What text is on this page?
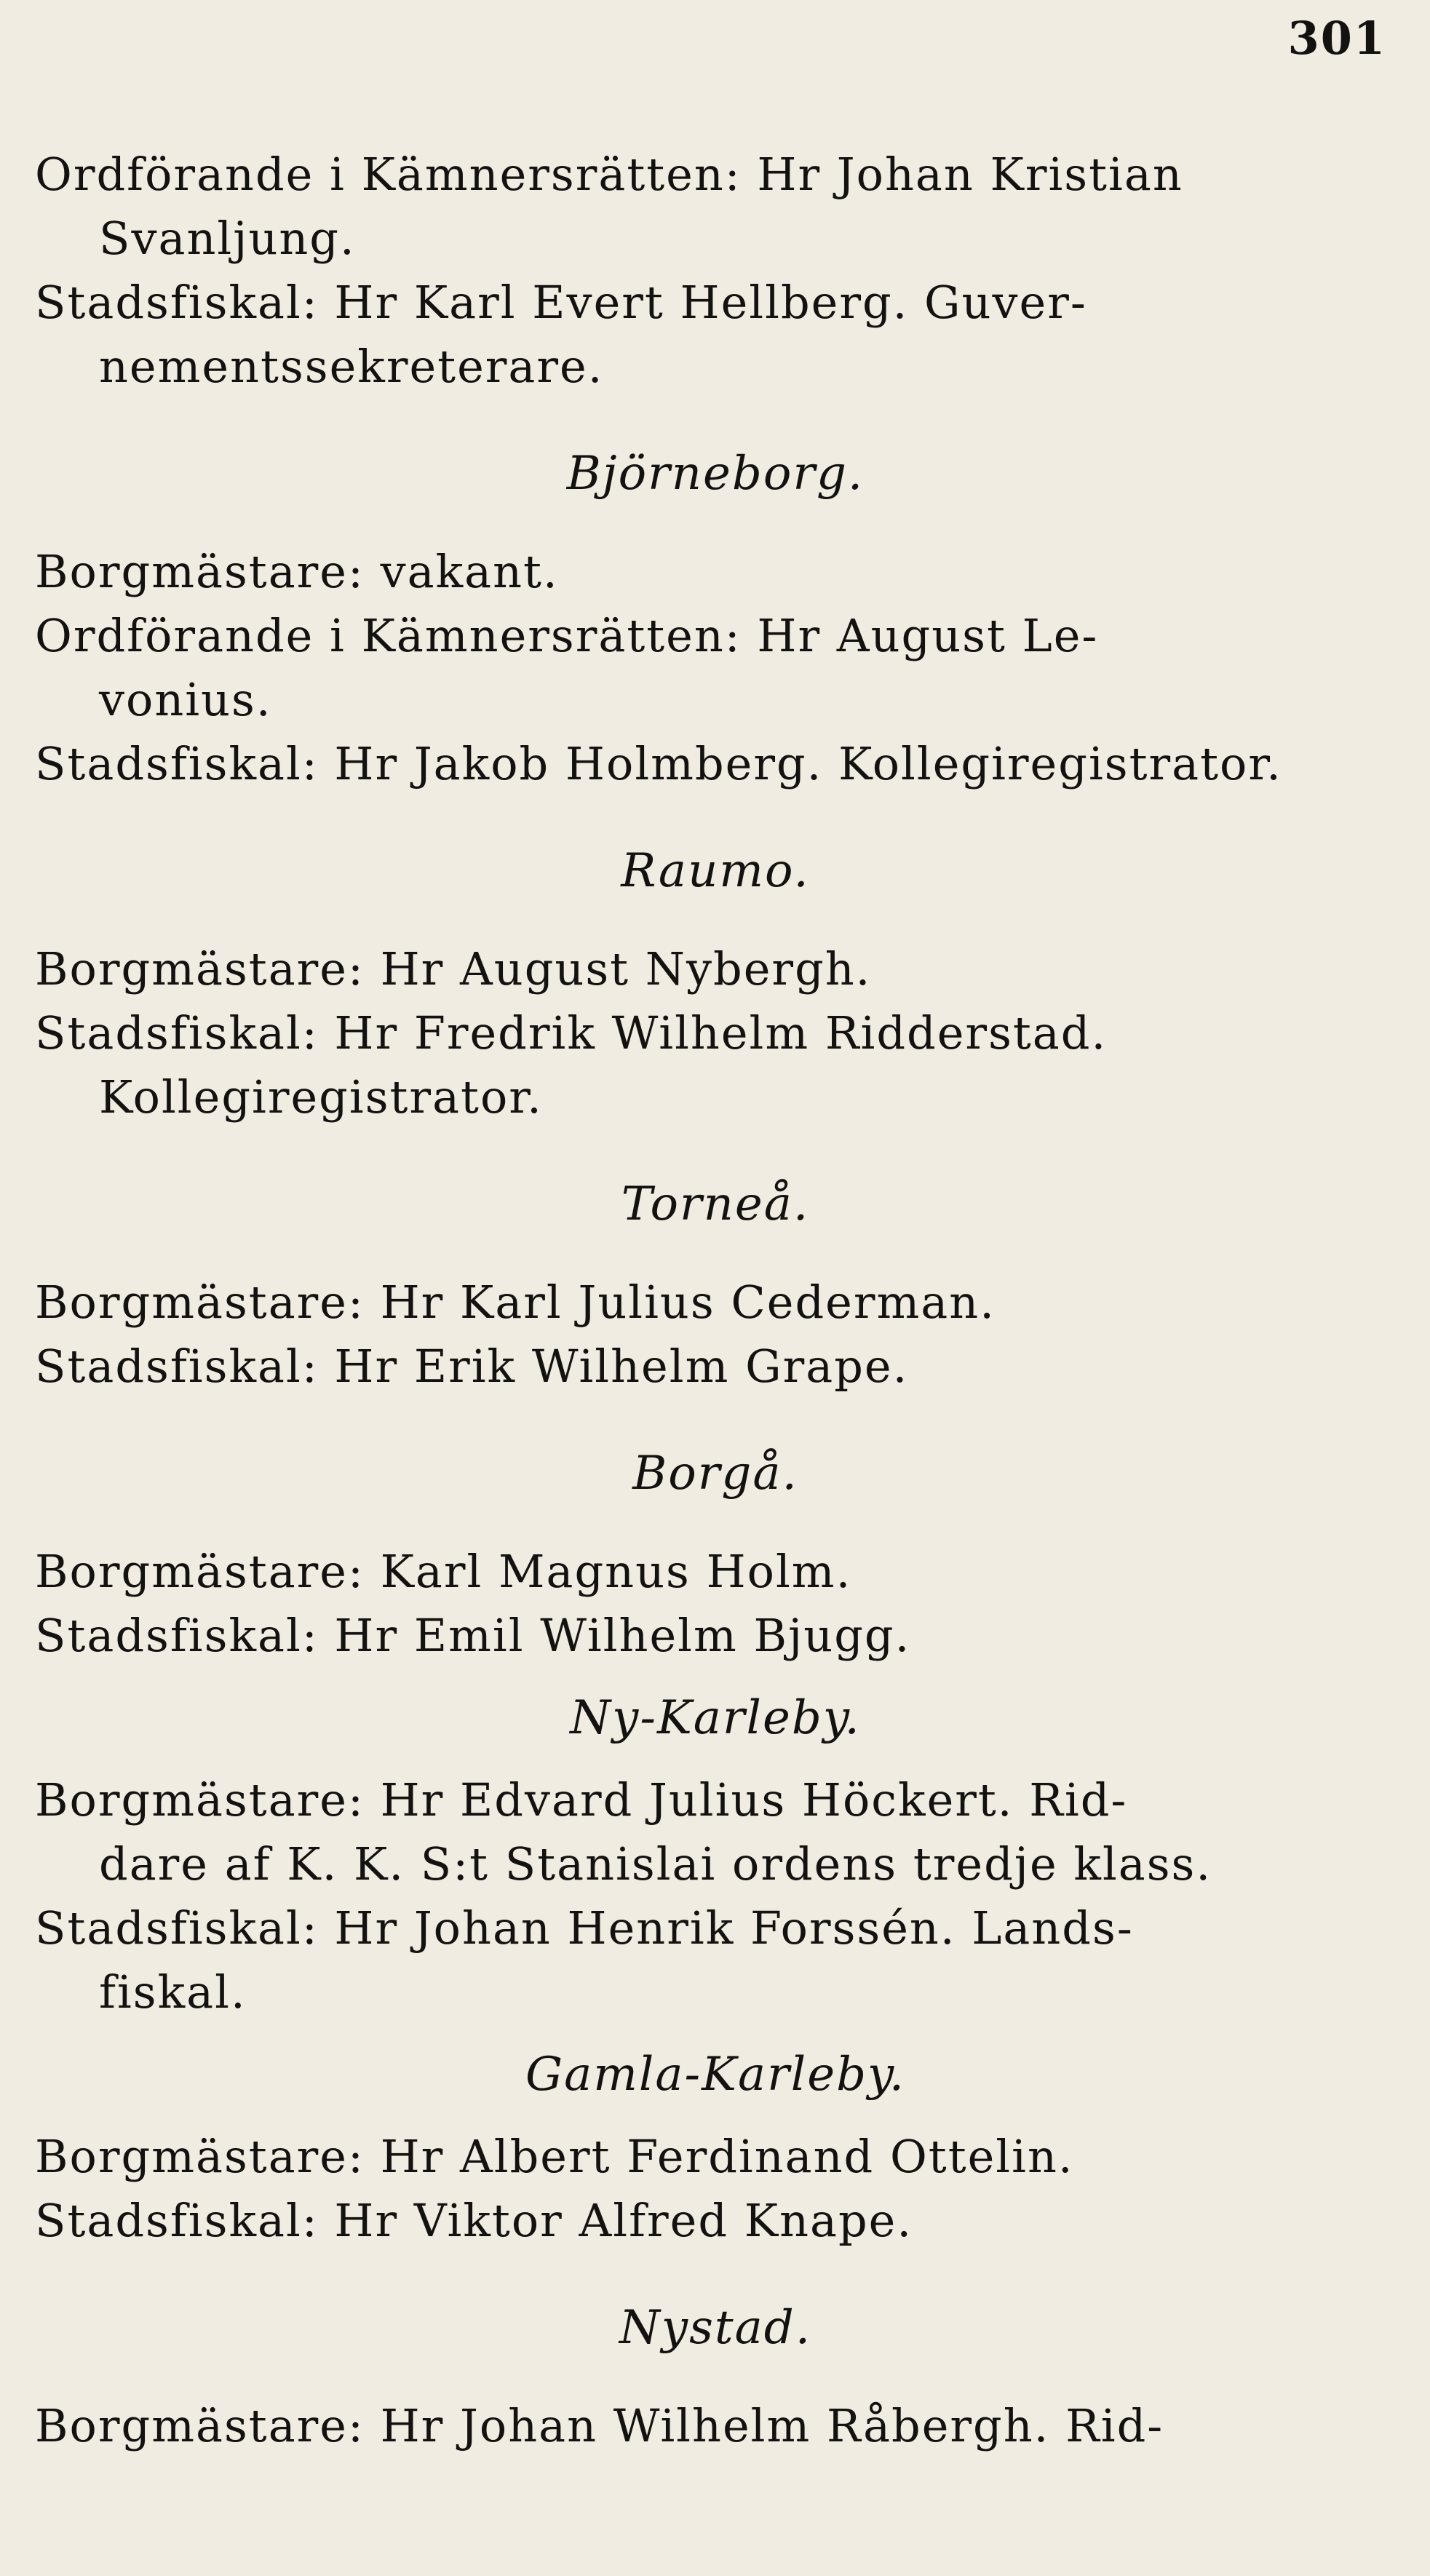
301

Ordförande i Kämnersrätten: Hr Johan Kristian
Svanljung.

Stadsfiskal: Hr Karl Evert Hellberg. Guver-
nementssekreterare.

Björneborg.

Borgmästare: vakant.

Ordförande i Kämnersrätten: Hr August Le-
vonius.

Stadsfiskal: Hr Jakob Holmberg. Kollegiregistrator.

Raumo.

Borgmästare: Hr August Nybergh.

Stadsfiskal: Hr Fredrik Wilhelm Ridderstad.
Kollegiregistrator.

Torneå.

Borgmästare: Hr Karl Julius Cederman.

Stadsfiskal: Hr Erik Wilhelm Grape.

Borgå.

Borgmästare: Karl Magnus Holm.

Stadsfiskal: Hr Emil Wilhelm Bjugg.

Ny-Karleby.

Borgmästare: Hr Edvard Julius Höckert. Rid-
dare af K. K. S:t Stanislai ordens tredje klass.

Stadsfiskal: Hr Johan Henrik Forssén. Lands-
fiskal.

Gamla-Karleby.

Borgmästare: Hr Albert Ferdinand Ottelin.

Stadsfiskal: Hr Viktor Alfred Knape.

Nystad.

Borgmästare: Hr Johan Wilhelm Råbergh. Rid-
